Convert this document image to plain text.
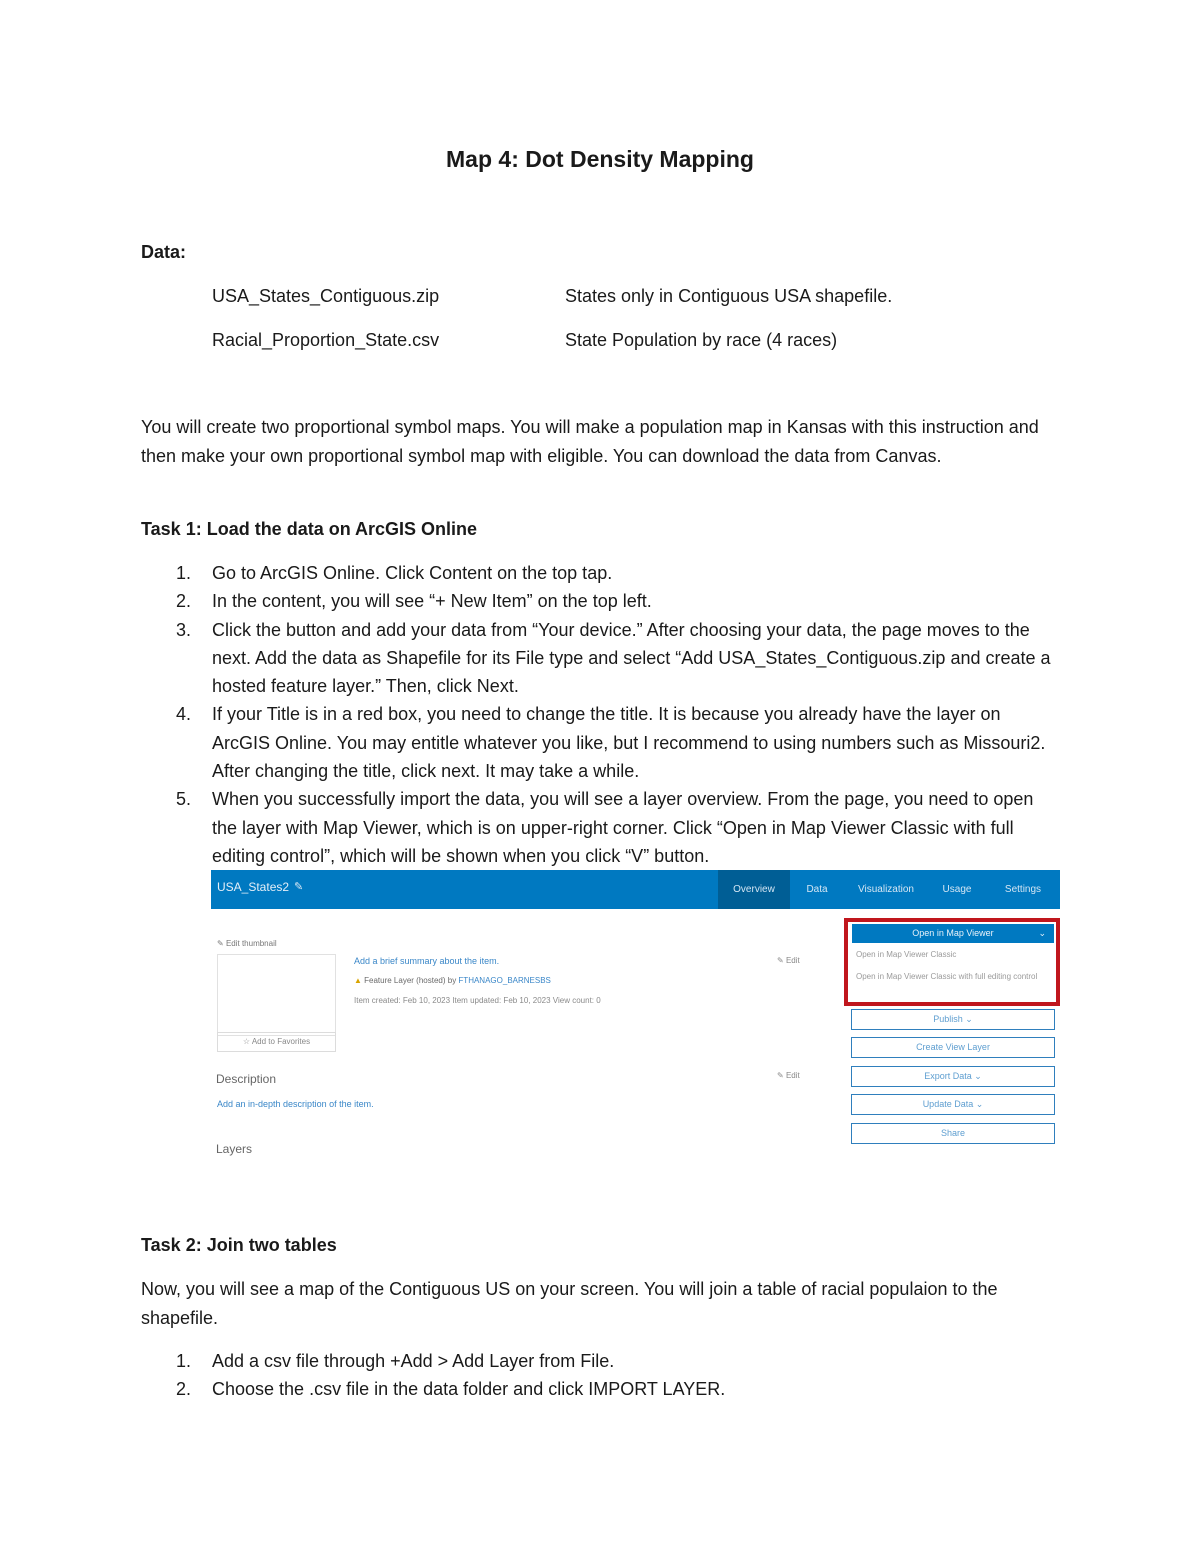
Map 4: Dot Density Mapping

Data:

USA_States_Contiguous.zip	States only in Contiguous USA shapefile.
Racial_Proportion_State.csv	State Population by race (4 races)

You will create two proportional symbol maps. You will make a population map in Kansas with this instruction and then make your own proportional symbol map with eligible. You can download the data from Canvas.

Task 1: Load the data on ArcGIS Online

1. Go to ArcGIS Online. Click Content on the top tap.
2. In the content, you will see “+ New Item” on the top left.
3. Click the button and add your data from “Your device.” After choosing your data, the page moves to the next. Add the data as Shapefile for its File type and select “Add USA_States_Contiguous.zip and create a hosted feature layer.” Then, click Next.
4. If your Title is in a red box, you need to change the title. It is because you already have the layer on ArcGIS Online. You may entitle whatever you like, but I recommend to using numbers such as Missouri2. After changing the title, click next. It may take a while.
5. When you successfully import the data, you will see a layer overview. From the page, you need to open the layer with Map Viewer, which is on upper-right corner. Click “Open in Map Viewer Classic with full editing control”, which will be shown when you click “V” button.
USA_States2 ✎	Overview	Data	Visualization	Usage	Settings
✎ Edit thumbnail
☆ Add to Favorites
Add a brief summary about the item.
▲ Feature Layer (hosted) by FTHANAGO_BARNESBS
Item created: Feb 10, 2023 Item updated: Feb 10, 2023 View count: 0
✎ Edit
Description
Add an in-depth description of the item.
✎ Edit
Layers
Open in Map Viewer	⌄
Open in Map Viewer Classic
Open in Map Viewer Classic with full editing control
Publish ⌄
Create View Layer
Export Data ⌄
Update Data ⌄
Share

Task 2: Join two tables

Now, you will see a map of the Contiguous US on your screen. You will join a table of racial populaion to the shapefile.

1. Add a csv file through +Add > Add Layer from File.
2. Choose the .csv file in the data folder and click IMPORT LAYER.
